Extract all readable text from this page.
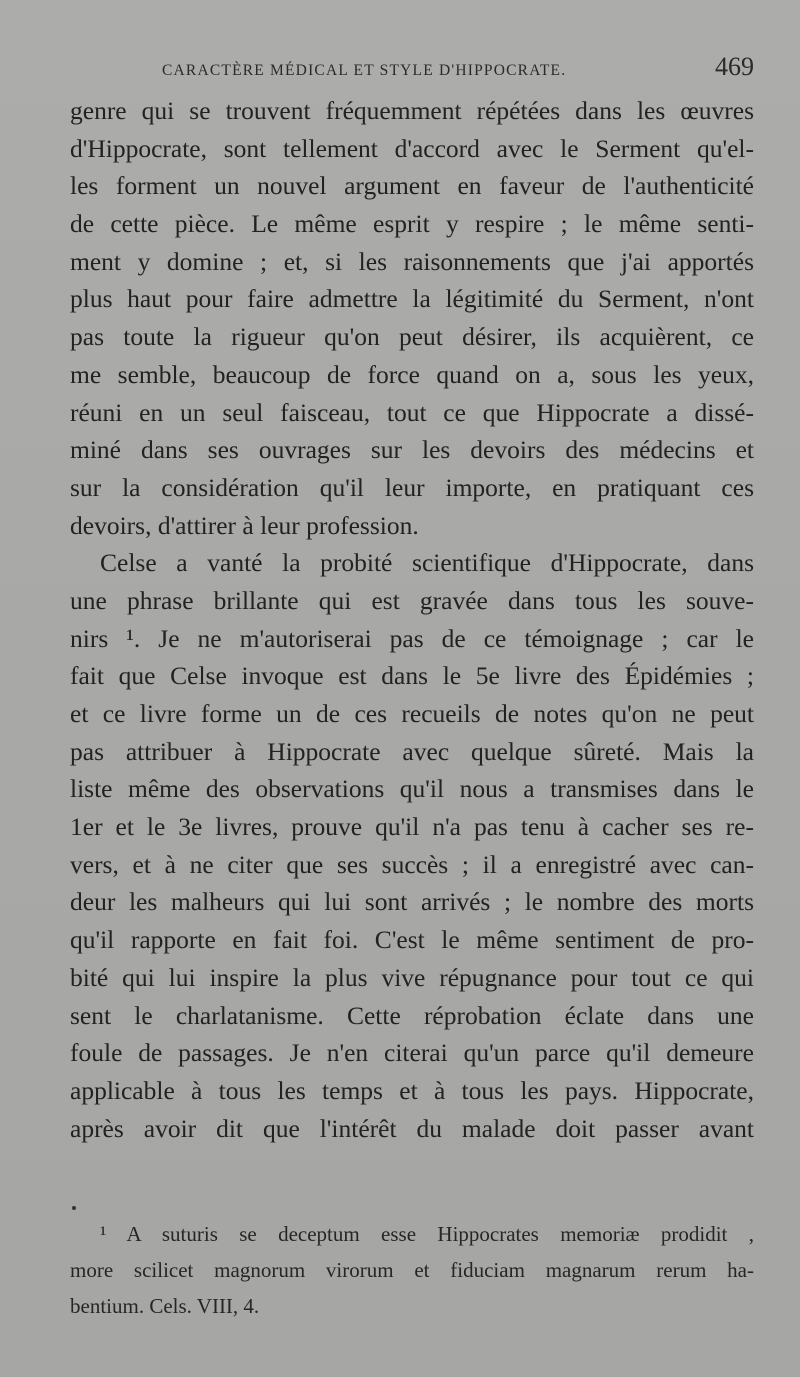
CARACTÈRE MÉDICAL ET STYLE D'HIPPOCRATE.	469
genre qui se trouvent fréquemment répétées dans les œuvres
d'Hippocrate, sont tellement d'accord avec le Serment qu'el-
les forment un nouvel argument en faveur de l'authenticité
de cette pièce. Le même esprit y respire ; le même senti-
ment y domine ; et, si les raisonnements que j'ai apportés
plus haut pour faire admettre la légitimité du Serment, n'ont
pas toute la rigueur qu'on peut désirer, ils acquièrent, ce
me semble, beaucoup de force quand on a, sous les yeux,
réuni en un seul faisceau, tout ce que Hippocrate a dissé-
miné dans ses ouvrages sur les devoirs des médecins et
sur la considération qu'il leur importe, en pratiquant ces
devoirs, d'attirer à leur profession.
Celse a vanté la probité scientifique d'Hippocrate, dans
une phrase brillante qui est gravée dans tous les souve-
nirs ¹. Je ne m'autoriserai pas de ce témoignage ; car le
fait que Celse invoque est dans le 5e livre des Épidémies ;
et ce livre forme un de ces recueils de notes qu'on ne peut
pas attribuer à Hippocrate avec quelque sûreté. Mais la
liste même des observations qu'il nous a transmises dans le
1er et le 3e livres, prouve qu'il n'a pas tenu à cacher ses re-
vers, et à ne citer que ses succès ; il a enregistré avec can-
deur les malheurs qui lui sont arrivés ; le nombre des morts
qu'il rapporte en fait foi. C'est le même sentiment de pro-
bité qui lui inspire la plus vive répugnance pour tout ce qui
sent le charlatanisme. Cette réprobation éclate dans une
foule de passages. Je n'en citerai qu'un parce qu'il demeure
applicable à tous les temps et à tous les pays. Hippocrate,
après avoir dit que l'intérêt du malade doit passer avant
¹ A suturis se deceptum esse Hippocrates memoriæ prodidit ,
more scilicet magnorum virorum et fiduciam magnarum rerum ha-
bentium. Cels. VIII, 4.
